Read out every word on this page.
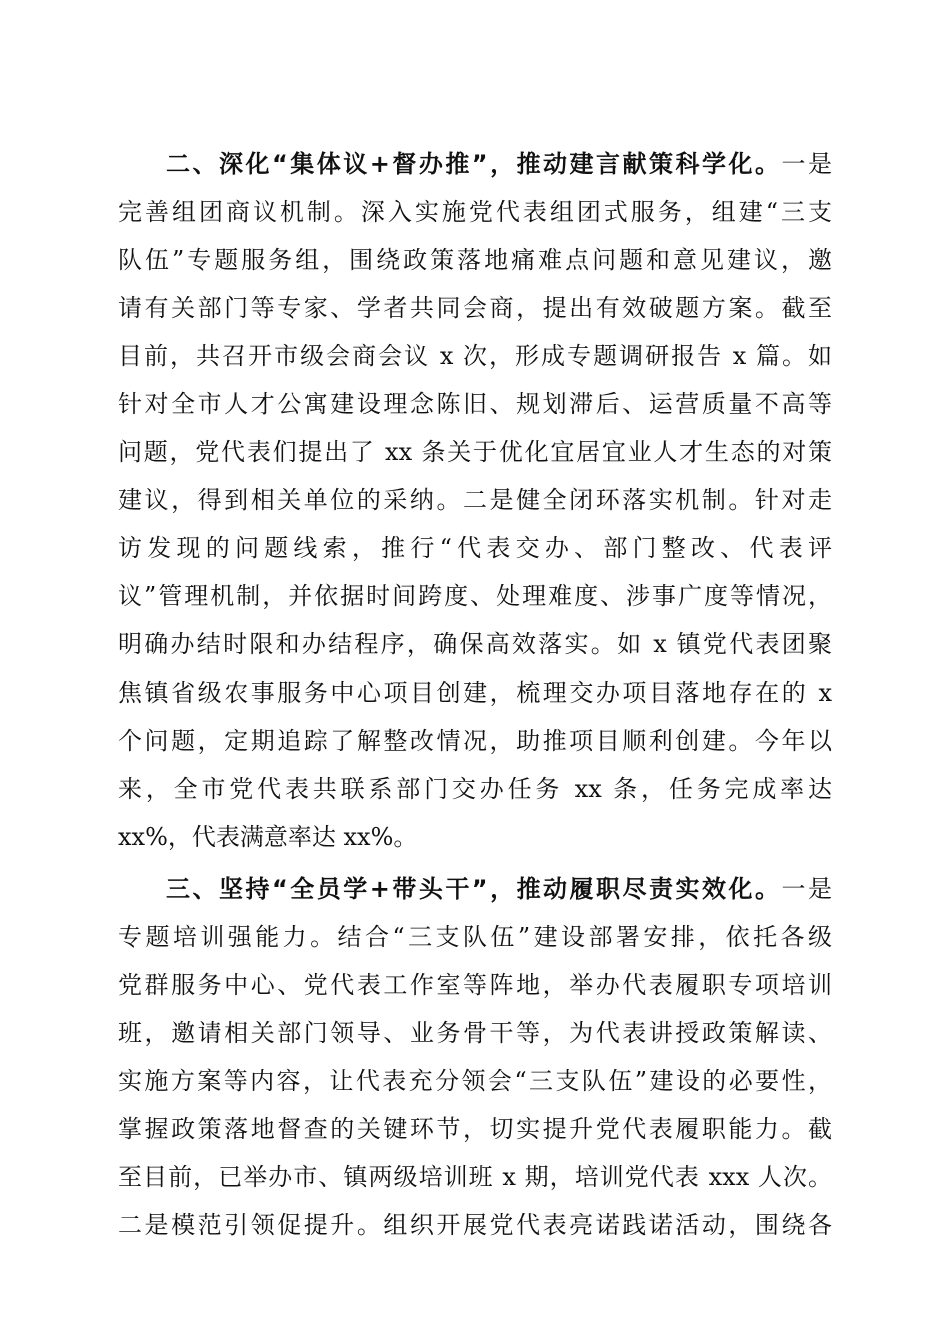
二、深化“集体议+督办推”，推动建言献策科学化。一是
完善组团商议机制。深入实施党代表组团式服务，组建“三支
队伍”专题服务组，围绕政策落地痛难点问题和意见建议，邀
请有关部门等专家、学者共同会商，提出有效破题方案。截至
目前，共召开市级会商会议 x 次，形成专题调研报告 x 篇。如
针对全市人才公寓建设理念陈旧、规划滞后、运营质量不高等
问题，党代表们提出了 xx 条关于优化宜居宜业人才生态的对策
建议，得到相关单位的采纳。二是健全闭环落实机制。针对走
访发现的问题线索，推行“代表交办、部门整改、代表评
议”管理机制，并依据时间跨度、处理难度、涉事广度等情况，
明确办结时限和办结程序，确保高效落实。如 x 镇党代表团聚
焦镇省级农事服务中心项目创建，梳理交办项目落地存在的 x
个问题，定期追踪了解整改情况，助推项目顺利创建。今年以
来，全市党代表共联系部门交办任务 xx 条，任务完成率达
xx%，代表满意率达 xx%。
三、坚持“全员学+带头干”，推动履职尽责实效化。一是
专题培训强能力。结合“三支队伍”建设部署安排，依托各级
党群服务中心、党代表工作室等阵地，举办代表履职专项培训
班，邀请相关部门领导、业务骨干等，为代表讲授政策解读、
实施方案等内容，让代表充分领会“三支队伍”建设的必要性，
掌握政策落地督查的关键环节，切实提升党代表履职能力。截
至目前，已举办市、镇两级培训班 x 期，培训党代表 xxx 人次。
二是模范引领促提升。组织开展党代表亮诺践诺活动，围绕各
